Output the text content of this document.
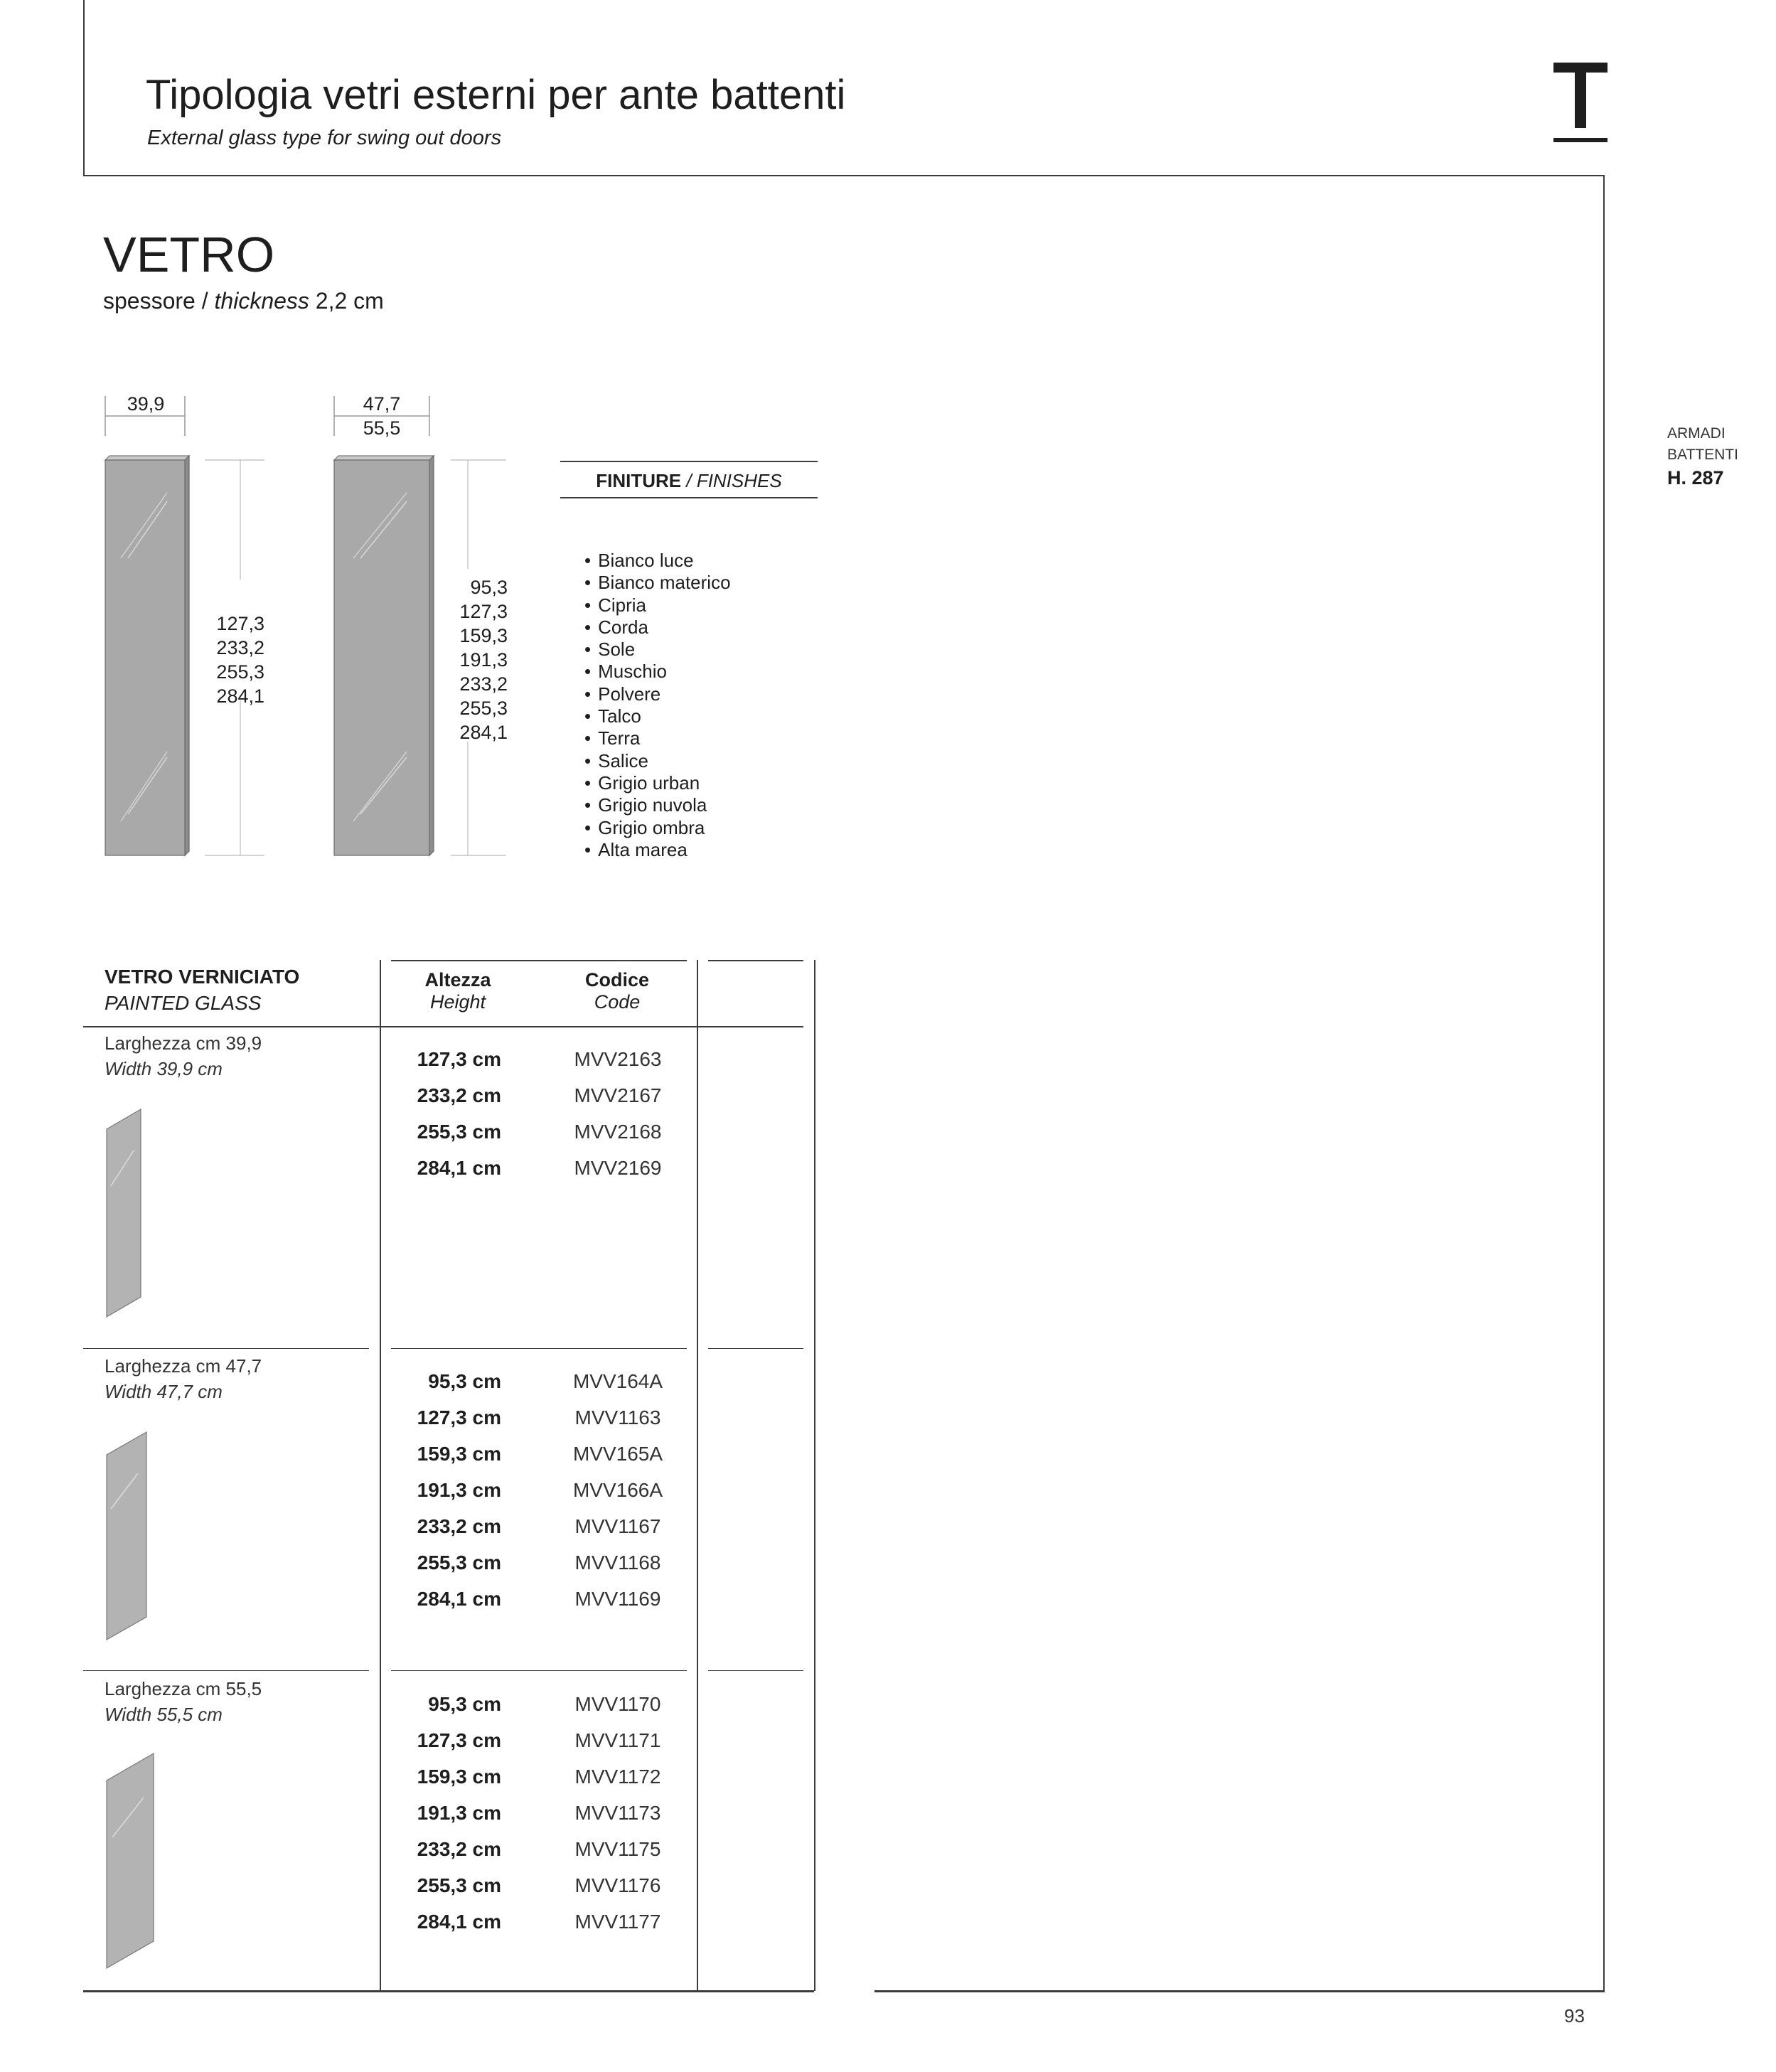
Tipologia vetri esterni per ante battenti
External glass type for swing out doors
ARMADI
BATTENTI
H. 287
VETRO
spessore / thickness 2,2 cm
39,9
127,3
233,2
255,3
284,1
47,7
55,5
95,3
127,3
159,3
191,3
233,2
255,3
284,1
FINITURE / FINISHES
• Bianco luce
• Bianco materico
• Cipria
• Corda
• Sole
• Muschio
• Polvere
• Talco
• Terra
• Salice
• Grigio urban
• Grigio nuvola
• Grigio ombra
• Alta marea
VETRO VERNICIATO
PAINTED GLASS
Altezza
Height
Codice
Code
Larghezza cm 39,9
Width 39,9 cm	127,3 cm	MVV2163
233,2 cm	MVV2167
255,3 cm	MVV2168
284,1 cm	MVV2169
Larghezza cm 47,7
Width 47,7 cm	95,3 cm	MVV164A
127,3 cm	MVV1163
159,3 cm	MVV165A
191,3 cm	MVV166A
233,2 cm	MVV1167
255,3 cm	MVV1168
284,1 cm	MVV1169
Larghezza cm 55,5
Width 55,5 cm	95,3 cm	MVV1170
127,3 cm	MVV1171
159,3 cm	MVV1172
191,3 cm	MVV1173
233,2 cm	MVV1175
255,3 cm	MVV1176
284,1 cm	MVV1177
93
